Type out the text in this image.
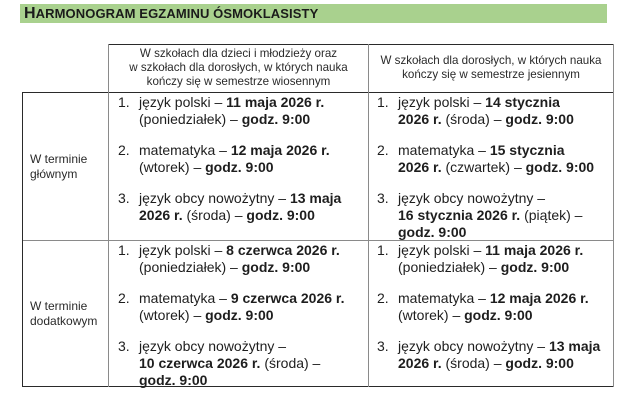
HARMONOGRAM EGZAMINU ÓSMOKLASISTY
W szkołach dla dzieci i młodzieży oraz
w szkołach dla dorosłych, w których nauka
kończy się w semestrze wiosennym
W szkołach dla dorosłych, w których nauka
kończy się w semestrze jesiennym
W terminie
głównym
W terminie
dodatkowym
1. język polski – 11 maja 2026 r.
(poniedziałek) – godz. 9:00
2. matematyka – 12 maja 2026 r.
(wtorek) – godz. 9:00
3. język obcy nowożytny – 13 maja
2026 r. (środa) – godz. 9:00
1. język polski – 14 stycznia
2026 r. (środa) – godz. 9:00
2. matematyka – 15 stycznia
2026 r. (czwartek) – godz. 9:00
3. język obcy nowożytny –
16 stycznia 2026 r. (piątek) –
godz. 9:00
1. język polski – 8 czerwca 2026 r.
(poniedziałek) – godz. 9:00
2. matematyka – 9 czerwca 2026 r.
(wtorek) – godz. 9:00
3. język obcy nowożytny –
10 czerwca 2026 r. (środa) –
godz. 9:00
1. język polski – 11 maja 2026 r.
(poniedziałek) – godz. 9:00
2. matematyka – 12 maja 2026 r.
(wtorek) – godz. 9:00
3. język obcy nowożytny – 13 maja
2026 r. (środa) – godz. 9:00
